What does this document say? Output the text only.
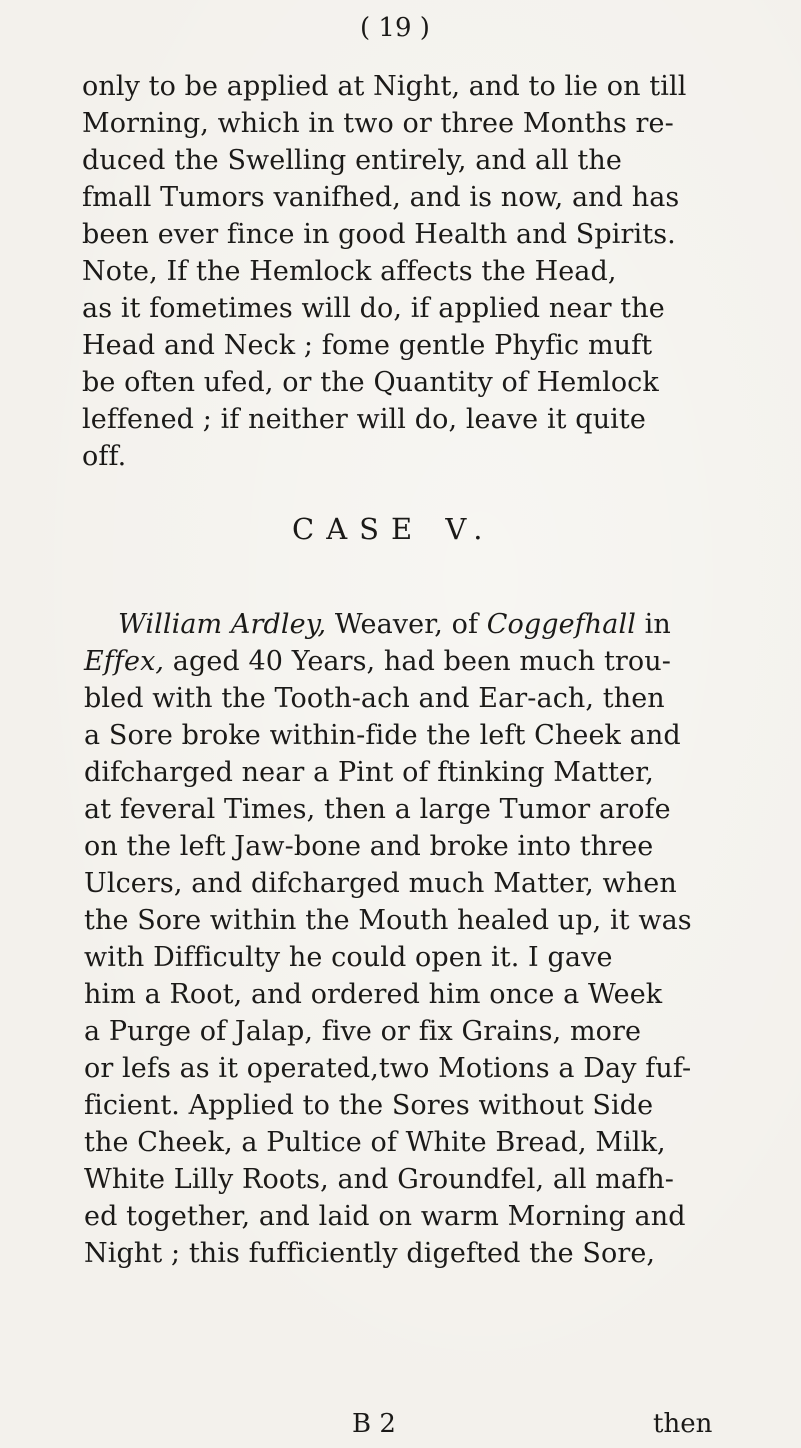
( 19 )
only to be applied at Night, and to lie on till
Morning, which in two or three Months re-
duced the Swelling entirely, and all the
fmall Tumors vanifhed, and is now, and has
been ever fince in good Health and Spirits.
Note, If the Hemlock affects the Head,
as it fometimes will do, if applied near the
Head and Neck ; fome gentle Phyfic muft
be often ufed, or the Quantity of Hemlock
leffened ; if neither will do, leave it quite
off.
CASE V.
William Ardley, Weaver, of Coggefhall in
Effex, aged 40 Years, had been much trou-
bled with the Tooth-ach and Ear-ach, then
a Sore broke within-fide the left Cheek and
difcharged near a Pint of ftinking Matter,
at feveral Times, then a large Tumor arofe
on the left Jaw-bone and broke into three
Ulcers, and difcharged much Matter, when
the Sore within the Mouth healed up, it was
with Difficulty he could open it. I gave
him a Root, and ordered him once a Week
a Purge of Jalap, five or fix Grains, more
or lefs as it operated,two Motions a Day fuf-
ficient. Applied to the Sores without Side
the Cheek, a Pultice of White Bread, Milk,
White Lilly Roots, and Groundfel, all mafh-
ed together, and laid on warm Morning and
Night ; this fufficiently digefted the Sore,
B 2	then
